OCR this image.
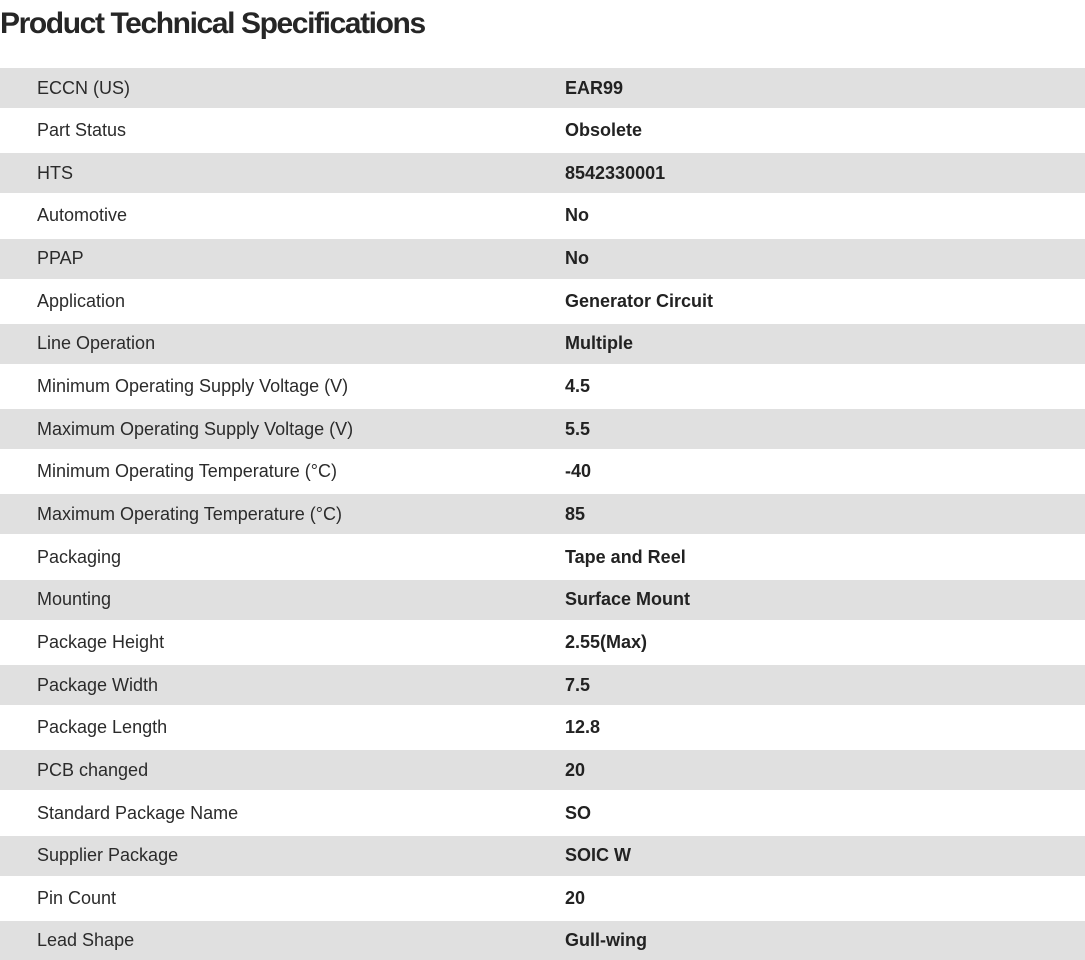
Product Technical Specifications
ECCN (US)	EAR99
Part Status	Obsolete
HTS	8542330001
Automotive	No
PPAP	No
Application	Generator Circuit
Line Operation	Multiple
Minimum Operating Supply Voltage (V)	4.5
Maximum Operating Supply Voltage (V)	5.5
Minimum Operating Temperature (°C)	-40
Maximum Operating Temperature (°C)	85
Packaging	Tape and Reel
Mounting	Surface Mount
Package Height	2.55(Max)
Package Width	7.5
Package Length	12.8
PCB changed	20
Standard Package Name	SO
Supplier Package	SOIC W
Pin Count	20
Lead Shape	Gull-wing
